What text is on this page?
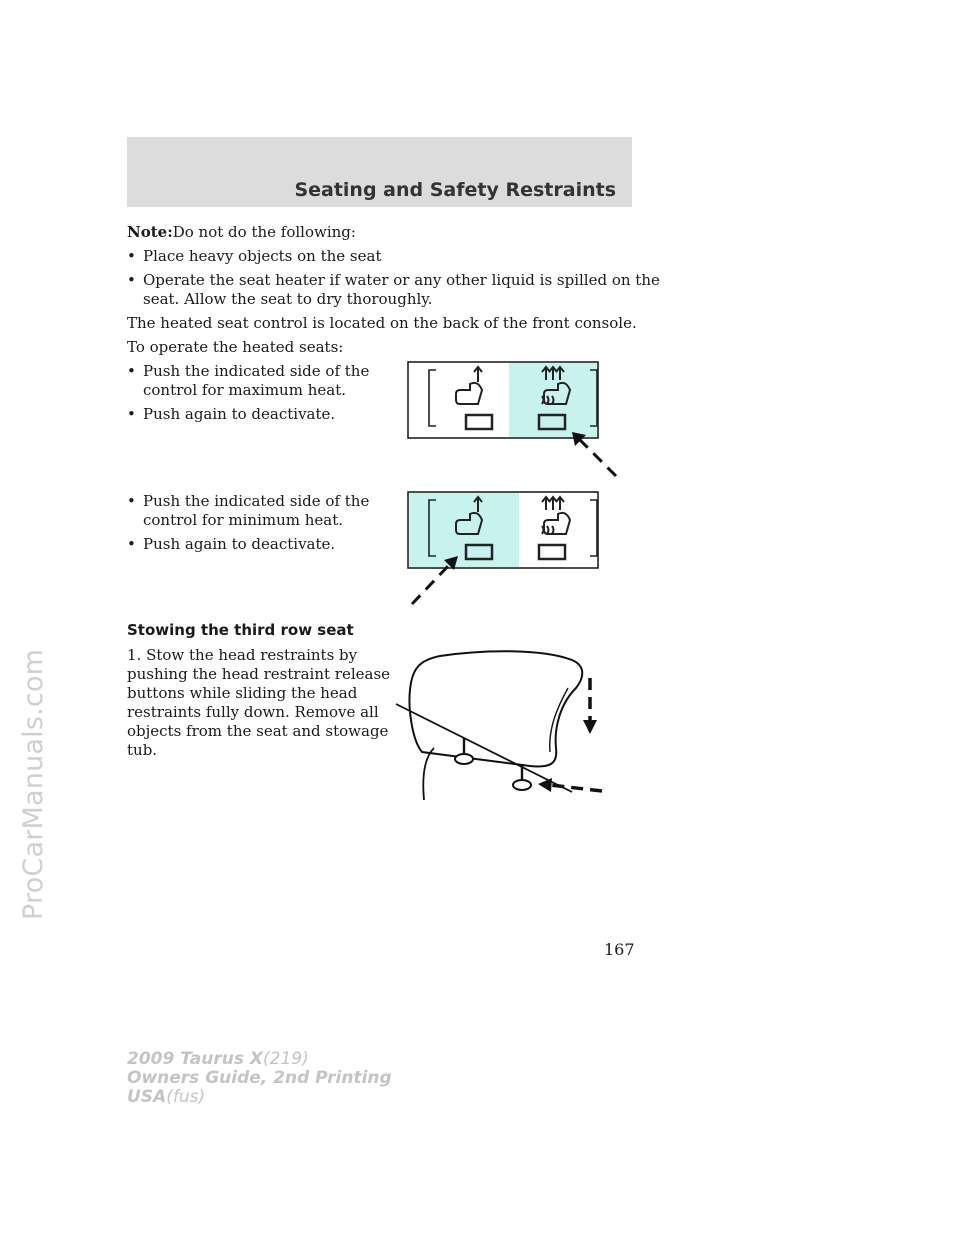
ProCarManuals.com
Seating and Safety Restraints
Note:Do not do the following:
• Place heavy objects on the seat
• Operate the seat heater if water or any other liquid is spilled on the
seat. Allow the seat to dry thoroughly.
The heated seat control is located on the back of the front console.
To operate the heated seats:
• Push the indicated side of the
control for maximum heat.
• Push again to deactivate.
• Push the indicated side of the
control for minimum heat.
• Push again to deactivate.
Stowing the third row seat
1. Stow the head restraints by
pushing the head restraint release
buttons while sliding the head
restraints fully down. Remove all
objects from the seat and stowage
tub.
167
2009 Taurus X(219)
Owners Guide, 2nd Printing
USA(fus)
